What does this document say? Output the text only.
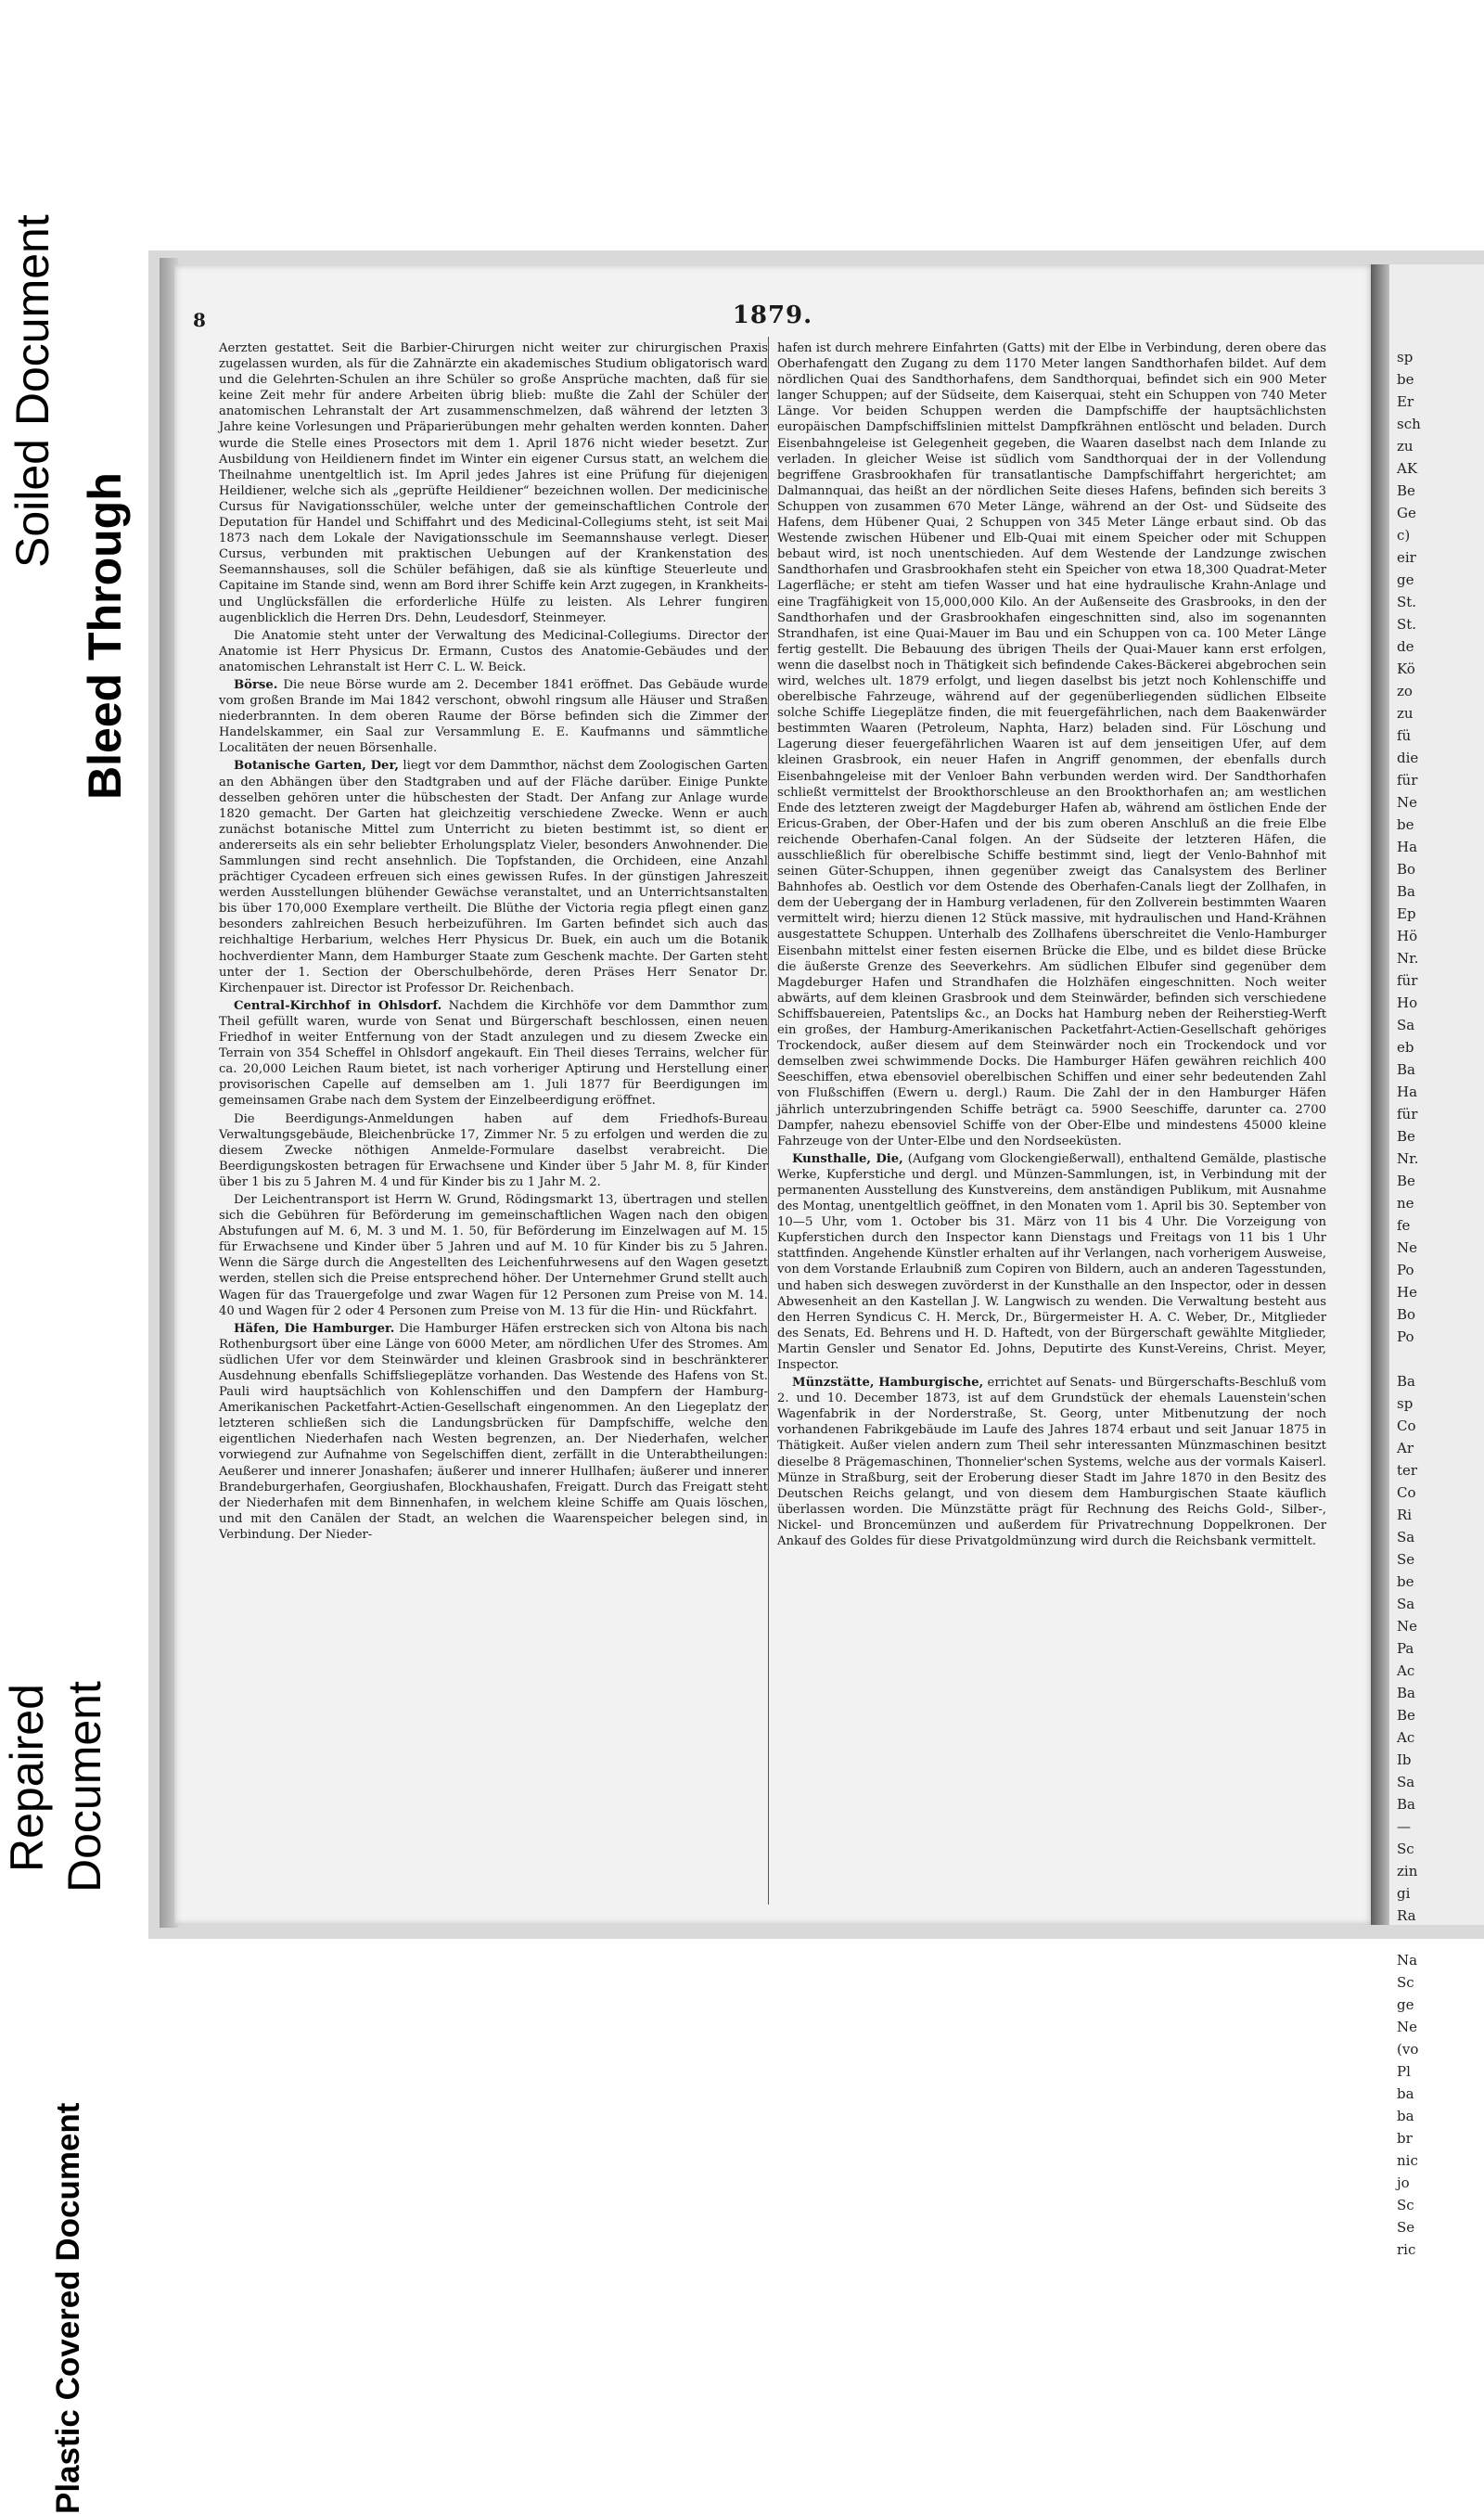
Soiled Document
Bleed Through
Plastic Covered Document
Repaired Document
8	1879.

Aerzten gestattet. Seit die Barbier-Chirurgen nicht weiter zur chirurgischen Praxis zugelassen wurden, als für die Zahnärzte ein akademisches Studium obligatorisch ward und die Gelehrten-Schulen an ihre Schüler so große Ansprüche machten, daß für sie keine Zeit mehr für andere Arbeiten übrig blieb: mußte die Zahl der Schüler der anatomischen Lehranstalt der Art zusammenschmelzen, daß während der letzten 3 Jahre keine Vorlesungen und Präparierübungen mehr gehalten werden konnten. Daher wurde die Stelle eines Prosectors mit dem 1. April 1876 nicht wieder besetzt. Zur Ausbildung von Heildienern findet im Winter ein eigener Cursus statt, an welchem die Theilnahme unentgeltlich ist. Im April jedes Jahres ist eine Prüfung für diejenigen Heildiener, welche sich als „geprüfte Heildiener“ bezeichnen wollen. Der medicinische Cursus für Navigationsschüler, welche unter der gemeinschaftlichen Controle der Deputation für Handel und Schiffahrt und des Medicinal-Collegiums steht, ist seit Mai 1873 nach dem Lokale der Navigationsschule im Seemannshause verlegt. Dieser Cursus, verbunden mit praktischen Uebungen auf der Krankenstation des Seemannshauses, soll die Schüler befähigen, daß sie als künftige Steuerleute und Capitaine im Stande sind, wenn am Bord ihrer Schiffe kein Arzt zugegen, in Krankheits- und Unglücksfällen die erforderliche Hülfe zu leisten. Als Lehrer fungiren augenblicklich die Herren Drs. Dehn, Leudesdorf, Steinmeyer.

Die Anatomie steht unter der Verwaltung des Medicinal-Collegiums. Director der Anatomie ist Herr Physicus Dr. Ermann, Custos des Anatomie-Gebäudes und der anatomischen Lehranstalt ist Herr C. L. W. Beick.

Börse. Die neue Börse wurde am 2. December 1841 eröffnet. Das Gebäude wurde vom großen Brande im Mai 1842 verschont, obwohl ringsum alle Häuser und Straßen niederbrannten. In dem oberen Raume der Börse befinden sich die Zimmer der Handelskammer, ein Saal zur Versammlung E. E. Kaufmanns und sämmtliche Localitäten der neuen Börsenhalle.

Botanische Garten, Der, liegt vor dem Dammthor, nächst dem Zoologischen Garten an den Abhängen über den Stadtgraben und auf der Fläche darüber. Einige Punkte desselben gehören unter die hübschesten der Stadt. Der Anfang zur Anlage wurde 1820 gemacht. Der Garten hat gleichzeitig verschiedene Zwecke. Wenn er auch zunächst botanische Mittel zum Unterricht zu bieten bestimmt ist, so dient er andererseits als ein sehr beliebter Erholungsplatz Vieler, besonders Anwohnender. Die Sammlungen sind recht ansehnlich. Die Topfstanden, die Orchideen, eine Anzahl prächtiger Cycadeen erfreuen sich eines gewissen Rufes. In der günstigen Jahreszeit werden Ausstellungen blühender Gewächse veranstaltet, und an Unterrichtsanstalten bis über 170,000 Exemplare vertheilt. Die Blüthe der Victoria regia pflegt einen ganz besonders zahlreichen Besuch herbeizuführen. Im Garten befindet sich auch das reichhaltige Herbarium, welches Herr Physicus Dr. Buek, ein auch um die Botanik hochverdienter Mann, dem Hamburger Staate zum Geschenk machte. Der Garten steht unter der 1. Section der Oberschulbehörde, deren Präses Herr Senator Dr. Kirchenpauer ist. Director ist Professor Dr. Reichenbach.

Central-Kirchhof in Ohlsdorf. Nachdem die Kirchhöfe vor dem Dammthor zum Theil gefüllt waren, wurde von Senat und Bürgerschaft beschlossen, einen neuen Friedhof in weiter Entfernung von der Stadt anzulegen und zu diesem Zwecke ein Terrain von 354 Scheffel in Ohlsdorf angekauft. Ein Theil dieses Terrains, welcher für ca. 20,000 Leichen Raum bietet, ist nach vorheriger Aptirung und Herstellung einer provisorischen Capelle auf demselben am 1. Juli 1877 für Beerdigungen im gemeinsamen Grabe nach dem System der Einzelbeerdigung eröffnet.

Die Beerdigungs-Anmeldungen haben auf dem Friedhofs-Bureau Verwaltungsgebäude, Bleichenbrücke 17, Zimmer Nr. 5 zu erfolgen und werden die zu diesem Zwecke nöthigen Anmelde-Formulare daselbst verabreicht. Die Beerdigungskosten betragen für Erwachsene und Kinder über 5 Jahr M. 8, für Kinder über 1 bis zu 5 Jahren M. 4 und für Kinder bis zu 1 Jahr M. 2.

Der Leichentransport ist Herrn W. Grund, Rödingsmarkt 13, übertragen und stellen sich die Gebühren für Beförderung im gemeinschaftlichen Wagen nach den obigen Abstufungen auf M. 6, M. 3 und M. 1. 50, für Beförderung im Einzelwagen auf M. 15 für Erwachsene und Kinder über 5 Jahren und auf M. 10 für Kinder bis zu 5 Jahren. Wenn die Särge durch die Angestellten des Leichenfuhrwesens auf den Wagen gesetzt werden, stellen sich die Preise entsprechend höher. Der Unternehmer Grund stellt auch Wagen für das Trauergefolge und zwar Wagen für 12 Personen zum Preise von M. 14. 40 und Wagen für 2 oder 4 Personen zum Preise von M. 13 für die Hin- und Rückfahrt.

Häfen, Die Hamburger. Die Hamburger Häfen erstrecken sich von Altona bis nach Rothenburgsort über eine Länge von 6000 Meter, am nördlichen Ufer des Stromes. Am südlichen Ufer vor dem Steinwärder und kleinen Grasbrook sind in beschränkterer Ausdehnung ebenfalls Schiffsliegeplätze vorhanden. Das Westende des Hafens von St. Pauli wird hauptsächlich von Kohlenschiffen und den Dampfern der Hamburg-Amerikanischen Packetfahrt-Actien-Gesellschaft eingenommen. An den Liegeplatz der letzteren schließen sich die Landungsbrücken für Dampfschiffe, welche den eigentlichen Niederhafen nach Westen begrenzen, an. Der Niederhafen, welcher vorwiegend zur Aufnahme von Segelschiffen dient, zerfällt in die Unterabtheilungen: Aeußerer und innerer Jonashafen; äußerer und innerer Hullhafen; äußerer und innerer Brandeburgerhafen, Georgiushafen, Blockhaushafen, Freigatt. Durch das Freigatt steht der Niederhafen mit dem Binnenhafen, in welchem kleine Schiffe am Quais löschen, und mit den Canälen der Stadt, an welchen die Waarenspeicher belegen sind, in Verbindung. Der Nieder-

hafen ist durch mehrere Einfahrten (Gatts) mit der Elbe in Verbindung, deren obere das Oberhafengatt den Zugang zu dem 1170 Meter langen Sandthorhafen bildet. Auf dem nördlichen Quai des Sandthorhafens, dem Sandthorquai, befindet sich ein 900 Meter langer Schuppen; auf der Südseite, dem Kaiserquai, steht ein Schuppen von 740 Meter Länge. Vor beiden Schuppen werden die Dampfschiffe der hauptsächlichsten europäischen Dampfschiffslinien mittelst Dampfkrähnen entlöscht und beladen. Durch Eisenbahngeleise ist Gelegenheit gegeben, die Waaren daselbst nach dem Inlande zu verladen. In gleicher Weise ist südlich vom Sandthorquai der in der Vollendung begriffene Grasbrookhafen für transatlantische Dampfschiffahrt hergerichtet; am Dalmannquai, das heißt an der nördlichen Seite dieses Hafens, befinden sich bereits 3 Schuppen von zusammen 670 Meter Länge, während an der Ost- und Südseite des Hafens, dem Hübener Quai, 2 Schuppen von 345 Meter Länge erbaut sind. Ob das Westende zwischen Hübener und Elb-Quai mit einem Speicher oder mit Schuppen bebaut wird, ist noch unentschieden. Auf dem Westende der Landzunge zwischen Sandthorhafen und Grasbrookhafen steht ein Speicher von etwa 18,300 Quadrat-Meter Lagerfläche; er steht am tiefen Wasser und hat eine hydraulische Krahn-Anlage und eine Tragfähigkeit von 15,000,000 Kilo. An der Außenseite des Grasbrooks, in den der Sandthorhafen und der Grasbrookhafen eingeschnitten sind, also im sogenannten Strandhafen, ist eine Quai-Mauer im Bau und ein Schuppen von ca. 100 Meter Länge fertig gestellt. Die Bebauung des übrigen Theils der Quai-Mauer kann erst erfolgen, wenn die daselbst noch in Thätigkeit sich befindende Cakes-Bäckerei abgebrochen sein wird, welches ult. 1879 erfolgt, und liegen daselbst bis jetzt noch Kohlenschiffe und oberelbische Fahrzeuge, während auf der gegenüberliegenden südlichen Elbseite solche Schiffe Liegeplätze finden, die mit feuergefährlichen, nach dem Baakenwärder bestimmten Waaren (Petroleum, Naphta, Harz) beladen sind. Für Löschung und Lagerung dieser feuergefährlichen Waaren ist auf dem jenseitigen Ufer, auf dem kleinen Grasbrook, ein neuer Hafen in Angriff genommen, der ebenfalls durch Eisenbahngeleise mit der Venloer Bahn verbunden werden wird. Der Sandthorhafen schließt vermittelst der Brookthorschleuse an den Brookthorhafen an; am westlichen Ende des letzteren zweigt der Magdeburger Hafen ab, während am östlichen Ende der Ericus-Graben, der Ober-Hafen und der bis zum oberen Anschluß an die freie Elbe reichende Oberhafen-Canal folgen. An der Südseite der letzteren Häfen, die ausschließlich für oberelbische Schiffe bestimmt sind, liegt der Venlo-Bahnhof mit seinen Güter-Schuppen, ihnen gegenüber zweigt das Canalsystem des Berliner Bahnhofes ab. Oestlich vor dem Ostende des Oberhafen-Canals liegt der Zollhafen, in dem der Uebergang der in Hamburg verladenen, für den Zollverein bestimmten Waaren vermittelt wird; hierzu dienen 12 Stück massive, mit hydraulischen und Hand-Krähnen ausgestattete Schuppen. Unterhalb des Zollhafens überschreitet die Venlo-Hamburger Eisenbahn mittelst einer festen eisernen Brücke die Elbe, und es bildet diese Brücke die äußerste Grenze des Seeverkehrs. Am südlichen Elbufer sind gegenüber dem Magdeburger Hafen und Strandhafen die Holzhäfen eingeschnitten. Noch weiter abwärts, auf dem kleinen Grasbrook und dem Steinwärder, befinden sich verschiedene Schiffsbauereien, Patentslips &c., an Docks hat Hamburg neben der Reiherstieg-Werft ein großes, der Hamburg-Amerikanischen Packetfahrt-Actien-Gesellschaft gehöriges Trockendock, außer diesem auf dem Steinwärder noch ein Trockendock und vor demselben zwei schwimmende Docks. Die Hamburger Häfen gewähren reichlich 400 Seeschiffen, etwa ebensoviel oberelbischen Schiffen und einer sehr bedeutenden Zahl von Flußschiffen (Ewern u. dergl.) Raum. Die Zahl der in den Hamburger Häfen jährlich unterzubringenden Schiffe beträgt ca. 5900 Seeschiffe, darunter ca. 2700 Dampfer, nahezu ebensoviel Schiffe von der Ober-Elbe und mindestens 45000 kleine Fahrzeuge von der Unter-Elbe und den Nordseeküsten.

Kunsthalle, Die, (Aufgang vom Glockengießerwall), enthaltend Gemälde, plastische Werke, Kupferstiche und dergl. und Münzen-Sammlungen, ist, in Verbindung mit der permanenten Ausstellung des Kunstvereins, dem anständigen Publikum, mit Ausnahme des Montag, unentgeltlich geöffnet, in den Monaten vom 1. April bis 30. September von 10—5 Uhr, vom 1. October bis 31. März von 11 bis 4 Uhr. Die Vorzeigung von Kupferstichen durch den Inspector kann Dienstags und Freitags von 11 bis 1 Uhr stattfinden. Angehende Künstler erhalten auf ihr Verlangen, nach vorherigem Ausweise, von dem Vorstande Erlaubniß zum Copiren von Bildern, auch an anderen Tagesstunden, und haben sich deswegen zuvörderst in der Kunsthalle an den Inspector, oder in dessen Abwesenheit an den Kastellan J. W. Langwisch zu wenden. Die Verwaltung besteht aus den Herren Syndicus C. H. Merck, Dr., Bürgermeister H. A. C. Weber, Dr., Mitglieder des Senats, Ed. Behrens und H. D. Haftedt, von der Bürgerschaft gewählte Mitglieder, Martin Gensler und Senator Ed. Johns, Deputirte des Kunst-Vereins, Christ. Meyer, Inspector.

Münzstätte, Hamburgische, errichtet auf Senats- und Bürgerschafts-Beschluß vom 2. und 10. December 1873, ist auf dem Grundstück der ehemals Lauenstein'schen Wagenfabrik in der Norderstraße, St. Georg, unter Mitbenutzung der noch vorhandenen Fabrikgebäude im Laufe des Jahres 1874 erbaut und seit Januar 1875 in Thätigkeit. Außer vielen andern zum Theil sehr interessanten Münzmaschinen besitzt dieselbe 8 Prägemaschinen, Thonnelier'schen Systems, welche aus der vormals Kaiserl. Münze in Straßburg, seit der Eroberung dieser Stadt im Jahre 1870 in den Besitz des Deutschen Reichs gelangt, und von diesem dem Hamburgischen Staate käuflich überlassen worden. Die Münzstätte prägt für Rechnung des Reichs Gold-, Silber-, Nickel- und Broncemünzen und außerdem für Privatrechnung Doppelkronen. Der Ankauf des Goldes für diese Privatgoldmünzung wird durch die Reichsbank vermittelt.

sp
be
Er
sch
zu
AK
Be
Ge
c)
eir
ge
St.
St.
de
Kö
zo
zu
fü
die
für
Ne
be
Ha
Bo
Ba
Ep
Hö
Nr.
für
Ho
Sa
eb
Ba
Ha
für
Be
Nr.
Be
ne
fe
Ne
Po
He
Bo
Po

Ba
sp
Co
Ar
ter
Co
Ri
Sa
Se
be
Sa
Ne
Pa
Ac
Ba
Be
Ac
Ib
Sa
Ba
—
Sc
zin
gi
Ra

Na
Sc
ge
Ne
(vo
Pl
ba
ba
br
nic
jo
Sc
Se
ric
